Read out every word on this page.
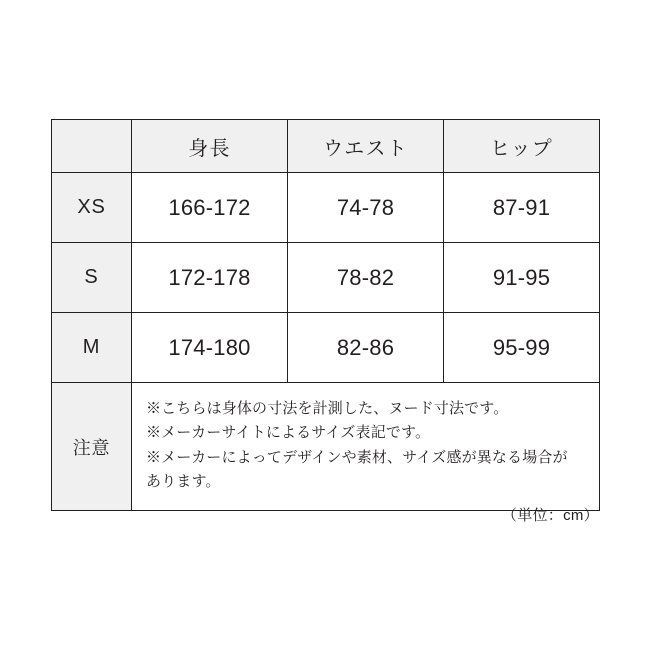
	身長	ウエスト	ヒップ
XS	166-172	74-78	87-91
S	172-178	78-82	91-95
M	174-180	82-86	95-99
注意	※こちらは身体の寸法を計測した、ヌード寸法です。
※メーカーサイトによるサイズ表記です。
※メーカーによってデザインや素材、サイズ感が異なる場合が
あります。		
（単位：cm）
